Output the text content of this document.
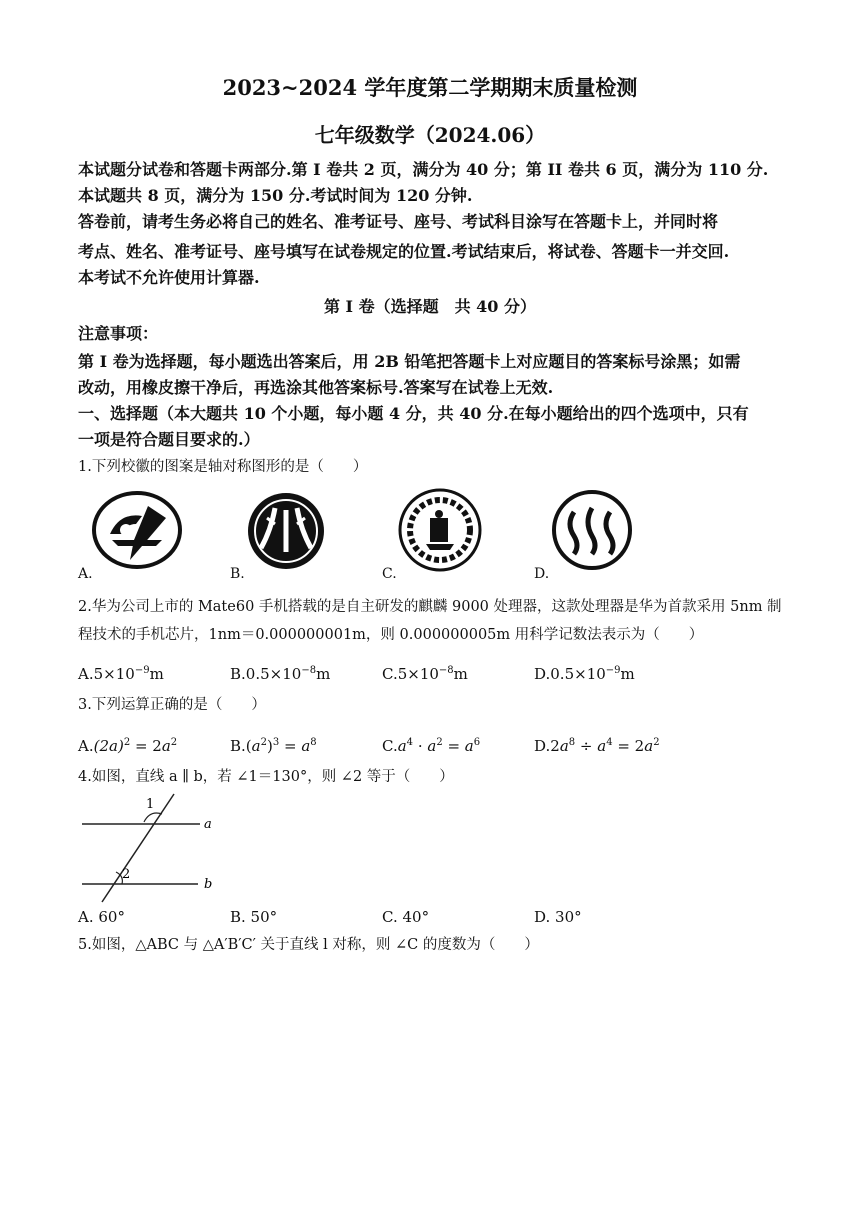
2023~2024 学年度第二学期期末质量检测
七年级数学（2024.06）
本试题分试卷和答题卡两部分.第 I 卷共 2 页，满分为 40 分；第 II 卷共 6 页，满分为 110 分.
本试题共 8 页，满分为 150 分.考试时间为 120 分钟.
答卷前，请考生务必将自己的姓名、准考证号、座号、考试科目涂写在答题卡上，并同时将
考点、姓名、准考证号、座号填写在试卷规定的位置.考试结束后，将试卷、答题卡一并交回.
本考试不允许使用计算器.
第 I 卷（选择题　共 40 分）
注意事项：
第 I 卷为选择题，每小题选出答案后，用 2B 铅笔把答题卡上对应题目的答案标号涂黑；如需
改动，用橡皮擦干净后，再选涂其他答案标号.答案写在试卷上无效.
一、选择题（本大题共 10 个小题，每小题 4 分，共 40 分.在每小题给出的四个选项中，只有
一项是符合题目要求的.）
1.下列校徽的图案是轴对称图形的是（　　）
A.	B.	C.	D.
2.华为公司上市的 Mate60 手机搭载的是自主研发的麒麟 9000 处理器，这款处理器是华为首款采用 5nm 制
程技术的手机芯片，1nm＝0.000000001m，则 0.000000005m 用科学记数法表示为（　　）
$A.5\times 10^{-9}m$	$B.0.5\times 10^{-8}m$	$C.5\times 10^{-8}m$	$D.0.5\times 10^{-9}m$
3.下列运算正确的是（　　）
$A.(2a)^2 = 2a^2$	$B.(a^2)^3 = a^8$	$C.a^4 \cdot a^2 = a^6$	$D.2a^8 \div a^4 = 2a^2$
4.如图，直线 a ∥ b，若 ∠1＝130°，则 ∠2 等于（　　）
1
2
a
b
A. 60°	B. 50°	C. 40°	D. 30°
5.如图，△ABC 与 △A′B′C′ 关于直线 l 对称，则 ∠C 的度数为（　　）
